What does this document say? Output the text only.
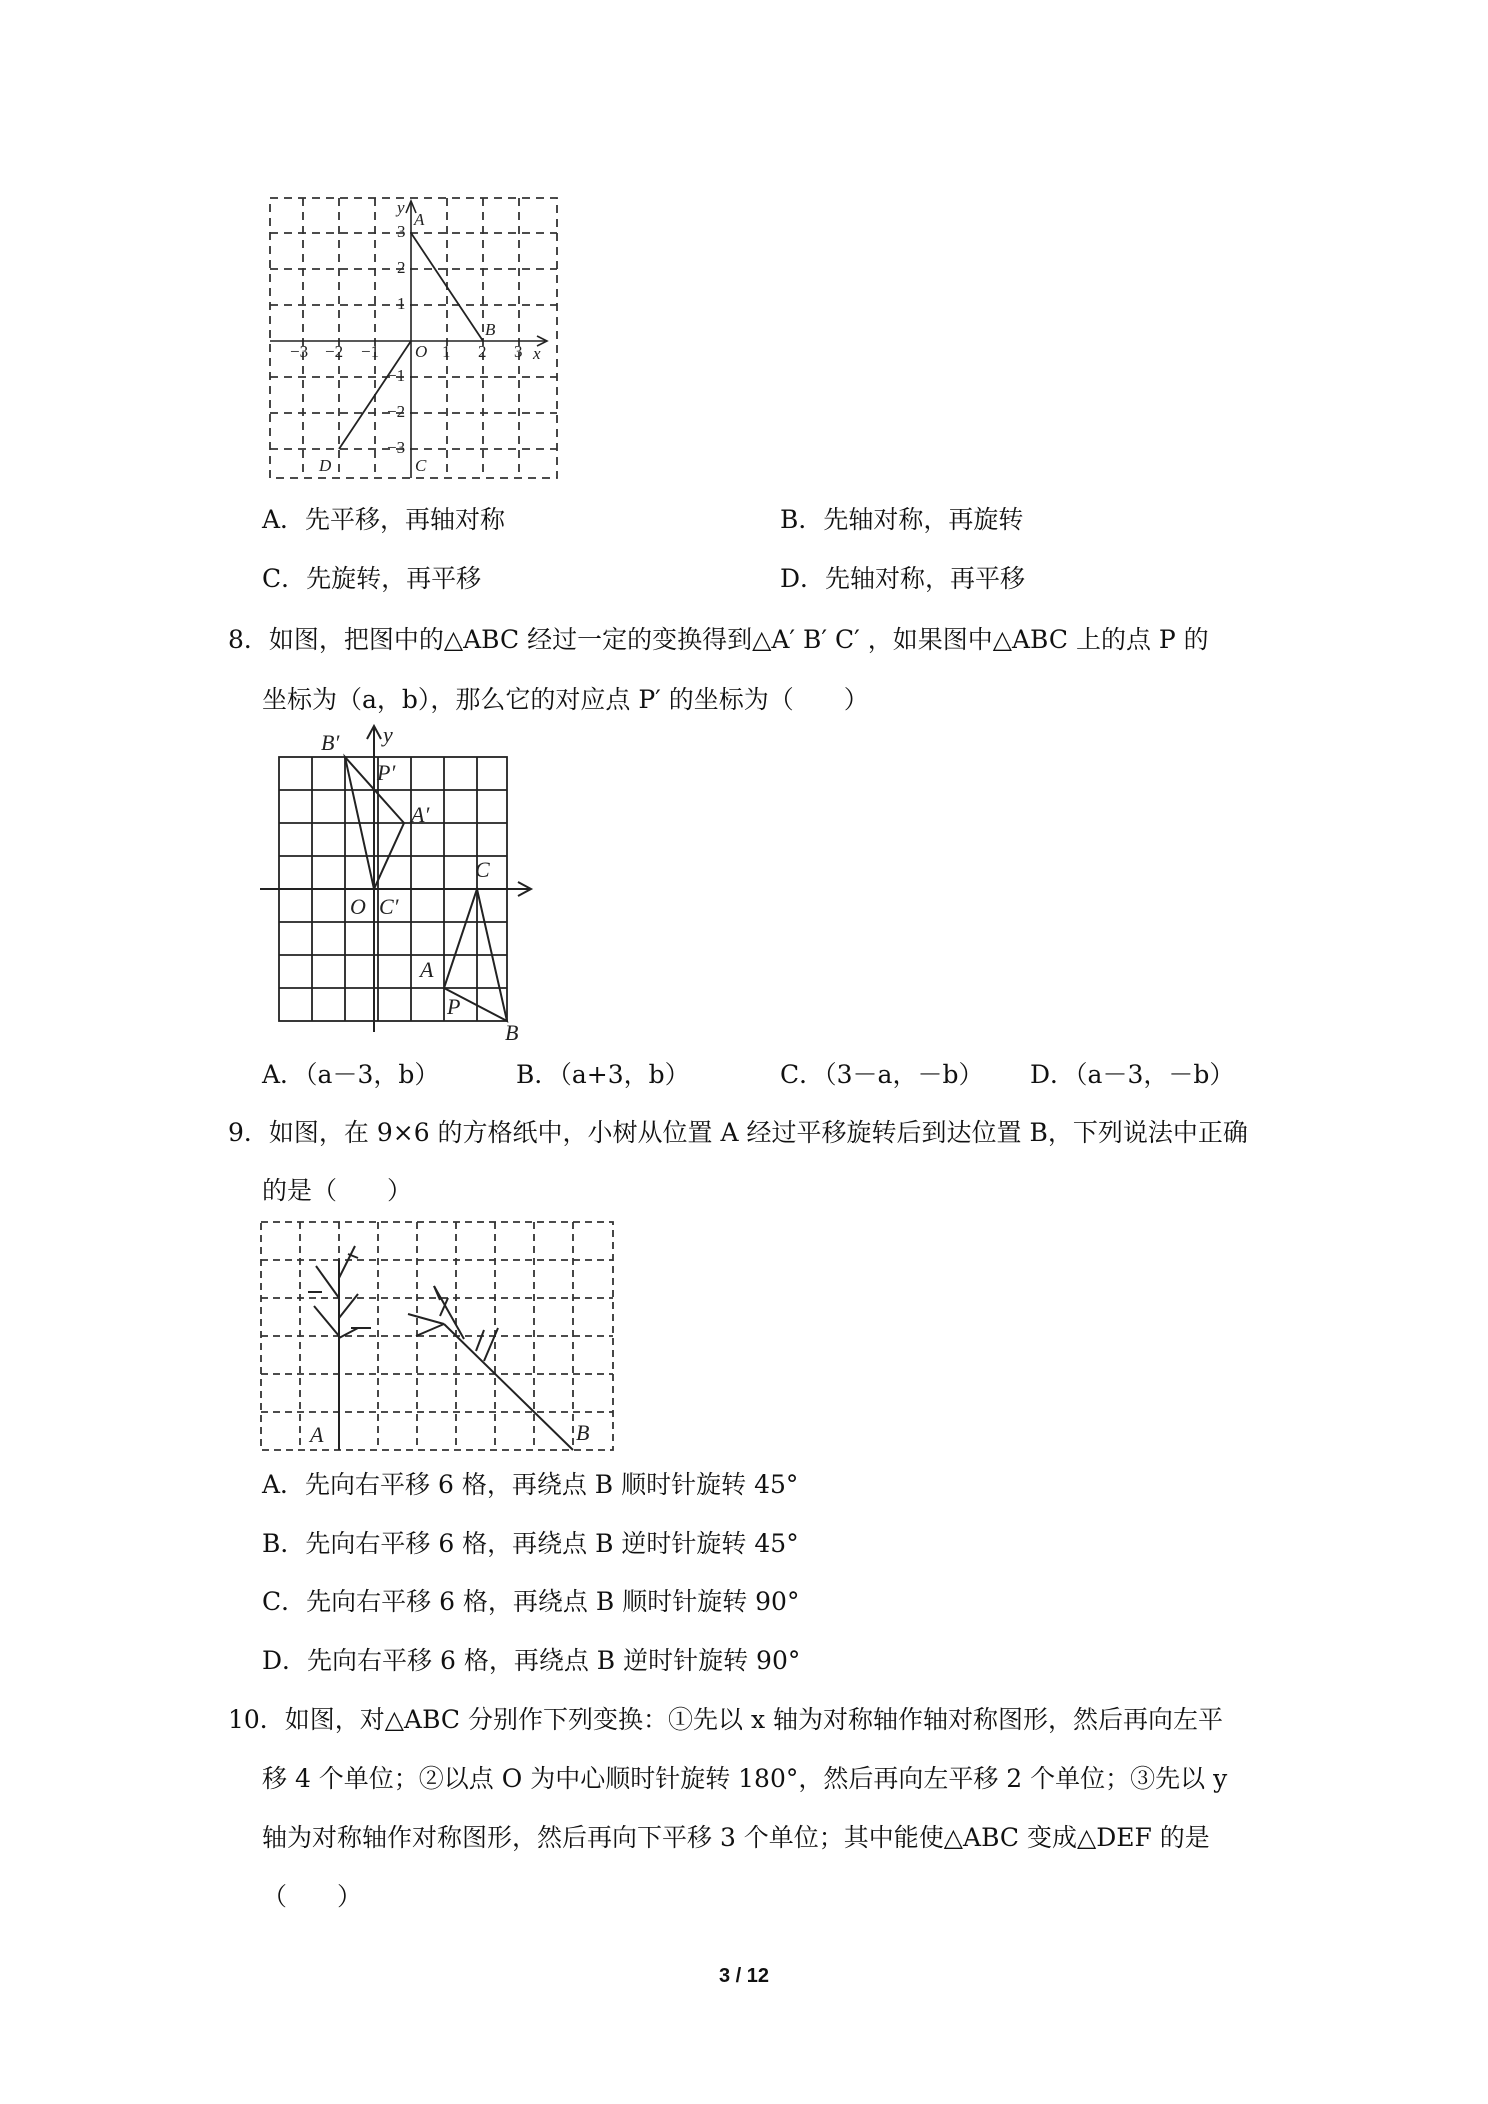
−3 −2 −1 O 1 2 3 x
y
3
2
1
−1
−2
−3
A
B
C
D
A．先平移，再轴对称	B．先轴对称，再旋转
C．先旋转，再平移	D．先轴对称，再平移
8．如图，把图中的△ABC 经过一定的变换得到△A′ B′ C′ ，如果图中△ABC 上的点 P 的
坐标为（a，b），那么它的对应点 P′ 的坐标为（　　）
B′ y
P′
A′
O C′
C
A
P
B
A．（a－3，b）	B．（a+3，b）	C．（3－a，－b） D．（a－3，－b）
9．如图，在 9×6 的方格纸中，小树从位置 A 经过平移旋转后到达位置 B，下列说法中正确
的是（　　）
A	B
A．先向右平移 6 格，再绕点 B 顺时针旋转 45°
B．先向右平移 6 格，再绕点 B 逆时针旋转 45°
C．先向右平移 6 格，再绕点 B 顺时针旋转 90°
D．先向右平移 6 格，再绕点 B 逆时针旋转 90°
10．如图，对△ABC 分别作下列变换：①先以 x 轴为对称轴作轴对称图形，然后再向左平
移 4 个单位；②以点 O 为中心顺时针旋转 180°，然后再向左平移 2 个单位；③先以 y
轴为对称轴作对称图形，然后再向下平移 3 个单位；其中能使△ABC 变成△DEF 的是
（　　）
3 / 12
